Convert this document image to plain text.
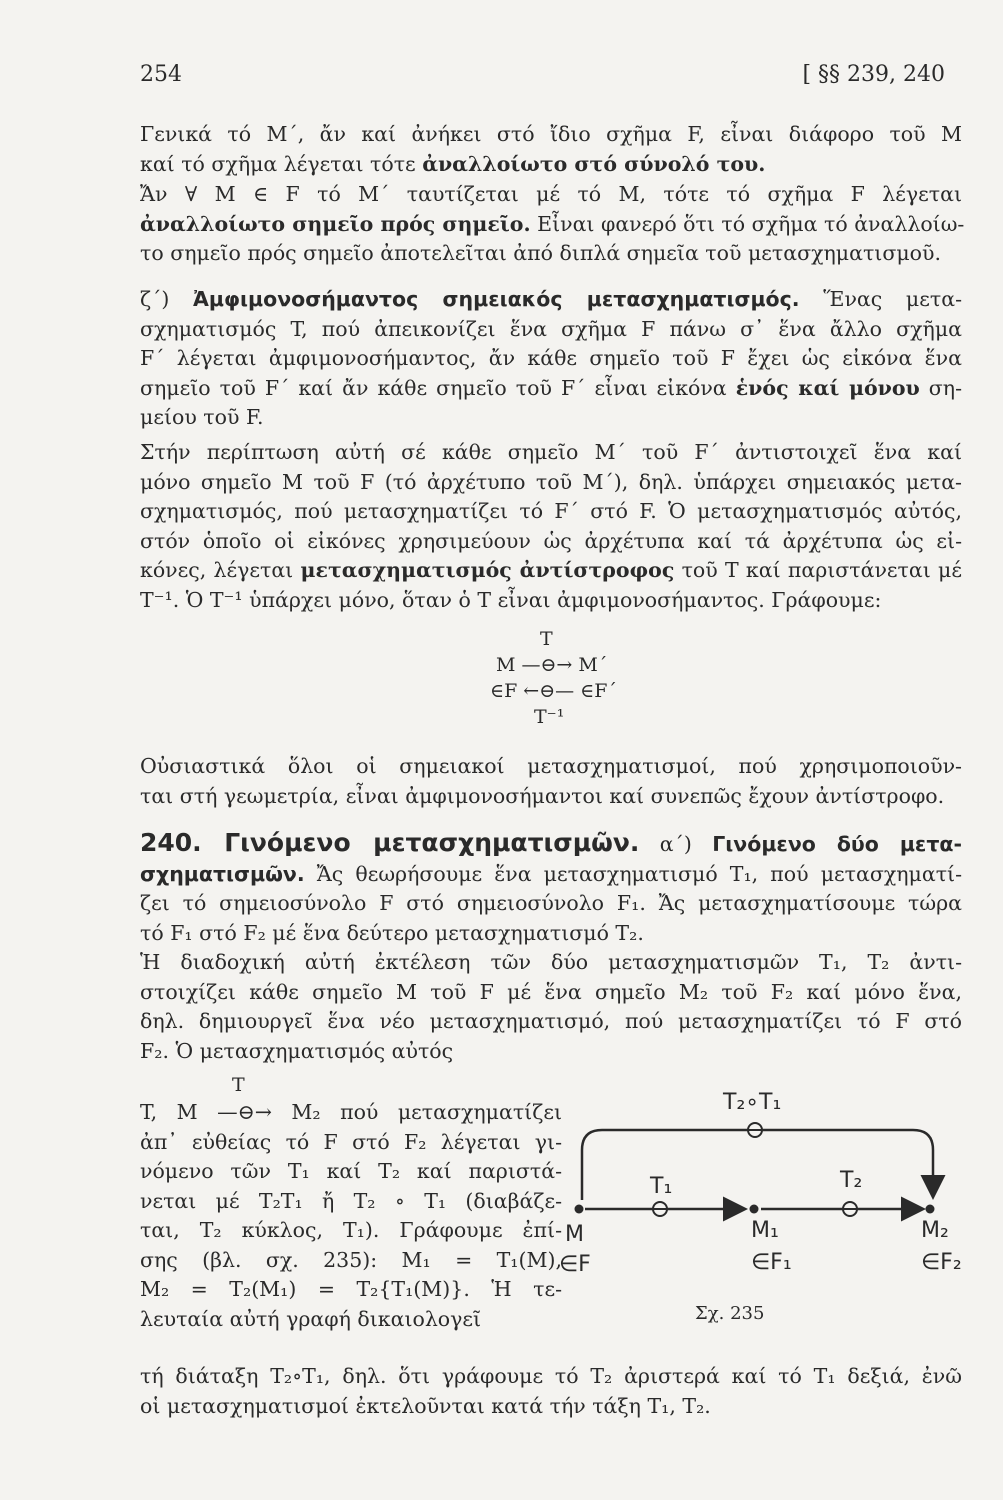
254	[ §§ 239, 240
Γενικά τό M΄, ἄν καί ἀνήκει στό ἴδιο σχῆμα F, εἶναι διάφορο τοῦ M
καί τό σχῆμα λέγεται τότε ἀναλλοίωτο στό σύνολό του.
Ἄν ∀ M ∈ F τό M΄ ταυτίζεται μέ τό M, τότε τό σχῆμα F λέγεται
ἀναλλοίωτο σημεῖο πρός σημεῖο. Εἶναι φανερό ὅτι τό σχῆμα τό ἀναλλοίω-
το σημεῖο πρός σημεῖο ἀποτελεῖται ἀπό διπλά σημεῖα τοῦ μετασχηματισμοῦ.
ζ΄) Ἀμφιμονοσήμαντος σημειακός μετασχηματισμός. Ἕνας μετα-
σχηματισμός T, πού ἀπεικονίζει ἕνα σχῆμα F πάνω σ᾽ ἕνα ἄλλο σχῆμα
F΄ λέγεται ἀμφιμονοσήμαντος, ἄν κάθε σημεῖο τοῦ F ἔχει ὡς εἰκόνα ἕνα
σημεῖο τοῦ F΄ καί ἄν κάθε σημεῖο τοῦ F΄ εἶναι εἰκόνα ἑνός καί μόνου ση-
μείου τοῦ F.
Στήν περίπτωση αὐτή σέ κάθε σημεῖο M΄ τοῦ F΄ ἀντιστοιχεῖ ἕνα καί
μόνο σημεῖο M τοῦ F (τό ἀρχέτυπο τοῦ M΄), δηλ. ὑπάρχει σημειακός μετα-
σχηματισμός, πού μετασχηματίζει τό F΄ στό F. Ὁ μετασχηματισμός αὐτός,
στόν ὁποῖο οἱ εἰκόνες χρησιμεύουν ὡς ἀρχέτυπα καί τά ἀρχέτυπα ὡς εἰ-
κόνες, λέγεται μετασχηματισμός ἀντίστροφος τοῦ T καί παριστάνεται μέ
T⁻¹. Ὁ T⁻¹ ὑπάρχει μόνο, ὅταν ὁ T εἶναι ἀμφιμονοσήμαντος. Γράφουμε:
T
M —⊖→ M΄
∈F ←⊖— ∈F΄
T⁻¹
Οὐσιαστικά ὅλοι οἱ σημειακοί μετασχηματισμοί, πού χρησιμοποιοῦν-
ται στή γεωμετρία, εἶναι ἀμφιμονοσήμαντοι καί συνεπῶς ἔχουν ἀντίστροφο.
240. Γινόμενο μετασχηματισμῶν. α΄) Γινόμενο δύο μετα-
σχηματισμῶν. Ἄς θεωρήσουμε ἕνα μετασχηματισμό T₁, πού μετασχηματί-
ζει τό σημειοσύνολο F στό σημειοσύνολο F₁. Ἄς μετασχηματίσουμε τώρα
τό F₁ στό F₂ μέ ἕνα δεύτερο μετασχηματισμό T₂.
Ἡ διαδοχική αὐτή ἐκτέλεση τῶν δύο μετασχηματισμῶν T₁, T₂ ἀντι-
στοιχίζει κάθε σημεῖο M τοῦ F μέ ἕνα σημεῖο M₂ τοῦ F₂ καί μόνο ἕνα,
δηλ. δημιουργεῖ ἕνα νέο μετασχηματισμό, πού μετασχηματίζει τό F στό
F₂. Ὁ μετασχηματισμός αὐτός
T
T, M —⊖→ M₂ πού μετασχηματίζει
ἀπ᾽ εὐθείας τό F στό F₂ λέγεται γι-
νόμενο τῶν T₁ καί T₂ καί παριστά-
νεται μέ T₂T₁ ἤ T₂ ∘ T₁ (διαβάζε-
ται, T₂ κύκλος, T₁). Γράφουμε ἐπί-
σης (βλ. σχ. 235): M₁ = T₁(M),
M₂ = T₂(M₁) = T₂{T₁(M)}. Ἡ τε-
λευταία αὐτή γραφή δικαιολογεῖ
T₂∘T₁
T₁	T₂
M	M₁	M₂
∈F	∈F₁	∈F₂
Σχ. 235
τή διάταξη T₂∘T₁, δηλ. ὅτι γράφουμε τό T₂ ἀριστερά καί τό T₁ δεξιά, ἐνῶ
οἱ μετασχηματισμοί ἐκτελοῦνται κατά τήν τάξη T₁, T₂.
